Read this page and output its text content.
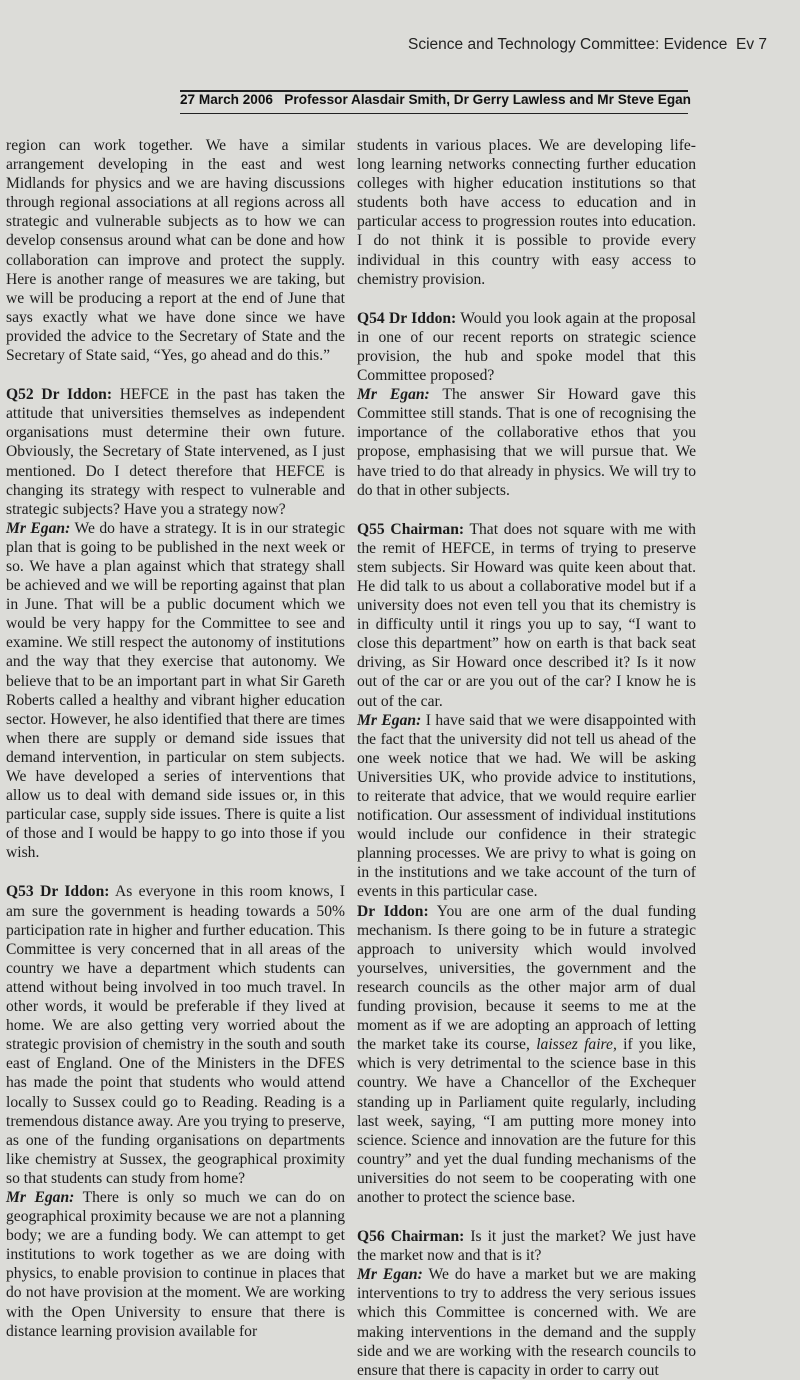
Science and Technology Committee: Evidence Ev 7
27 March 2006   Professor Alasdair Smith, Dr Gerry Lawless and Mr Steve Egan

region can work together. We have a similar arrangement developing in the east and west Midlands for physics and we are having discussions through regional associations at all regions across all strategic and vulnerable subjects as to how we can develop consensus around what can be done and how collaboration can improve and protect the supply. Here is another range of measures we are taking, but we will be producing a report at the end of June that says exactly what we have done since we have provided the advice to the Secretary of State and the Secretary of State said, “Yes, go ahead and do this.”

Q52 Dr Iddon: HEFCE in the past has taken the attitude that universities themselves as independent organisations must determine their own future. Obviously, the Secretary of State intervened, as I just mentioned. Do I detect therefore that HEFCE is changing its strategy with respect to vulnerable and strategic subjects? Have you a strategy now?

Mr Egan: We do have a strategy. It is in our strategic plan that is going to be published in the next week or so. We have a plan against which that strategy shall be achieved and we will be reporting against that plan in June. That will be a public document which we would be very happy for the Committee to see and examine. We still respect the autonomy of institutions and the way that they exercise that autonomy. We believe that to be an important part in what Sir Gareth Roberts called a healthy and vibrant higher education sector. However, he also identified that there are times when there are supply or demand side issues that demand intervention, in particular on stem subjects. We have developed a series of interventions that allow us to deal with demand side issues or, in this particular case, supply side issues. There is quite a list of those and I would be happy to go into those if you wish.

Q53 Dr Iddon: As everyone in this room knows, I am sure the government is heading towards a 50% participation rate in higher and further education. This Committee is very concerned that in all areas of the country we have a department which students can attend without being involved in too much travel. In other words, it would be preferable if they lived at home. We are also getting very worried about the strategic provision of chemistry in the south and south east of England. One of the Ministers in the DFES has made the point that students who would attend locally to Sussex could go to Reading. Reading is a tremendous distance away. Are you trying to preserve, as one of the funding organisations on departments like chemistry at Sussex, the geographical proximity so that students can study from home?

Mr Egan: There is only so much we can do on geographical proximity because we are not a planning body; we are a funding body. We can attempt to get institutions to work together as we are doing with physics, to enable provision to continue in places that do not have provision at the moment. We are working with the Open University to ensure that there is distance learning provision available for

students in various places. We are developing life-long learning networks connecting further education colleges with higher education institutions so that students both have access to education and in particular access to progression routes into education. I do not think it is possible to provide every individual in this country with easy access to chemistry provision.

Q54 Dr Iddon: Would you look again at the proposal in one of our recent reports on strategic science provision, the hub and spoke model that this Committee proposed?

Mr Egan: The answer Sir Howard gave this Committee still stands. That is one of recognising the importance of the collaborative ethos that you propose, emphasising that we will pursue that. We have tried to do that already in physics. We will try to do that in other subjects.

Q55 Chairman: That does not square with me with the remit of HEFCE, in terms of trying to preserve stem subjects. Sir Howard was quite keen about that. He did talk to us about a collaborative model but if a university does not even tell you that its chemistry is in difficulty until it rings you up to say, “I want to close this department” how on earth is that back seat driving, as Sir Howard once described it? Is it now out of the car or are you out of the car? I know he is out of the car.

Mr Egan: I have said that we were disappointed with the fact that the university did not tell us ahead of the one week notice that we had. We will be asking Universities UK, who provide advice to institutions, to reiterate that advice, that we would require earlier notification. Our assessment of individual institutions would include our confidence in their strategic planning processes. We are privy to what is going on in the institutions and we take account of the turn of events in this particular case.

Dr Iddon: You are one arm of the dual funding mechanism. Is there going to be in future a strategic approach to university which would involved yourselves, universities, the government and the research councils as the other major arm of dual funding provision, because it seems to me at the moment as if we are adopting an approach of letting the market take its course, laissez faire, if you like, which is very detrimental to the science base in this country. We have a Chancellor of the Exchequer standing up in Parliament quite regularly, including last week, saying, “I am putting more money into science. Science and innovation are the future for this country” and yet the dual funding mechanisms of the universities do not seem to be cooperating with one another to protect the science base.

Q56 Chairman: Is it just the market? We just have the market now and that is it?

Mr Egan: We do have a market but we are making interventions to try to address the very serious issues which this Committee is concerned with. We are making interventions in the demand and the supply side and we are working with the research councils to ensure that there is capacity in order to carry out
